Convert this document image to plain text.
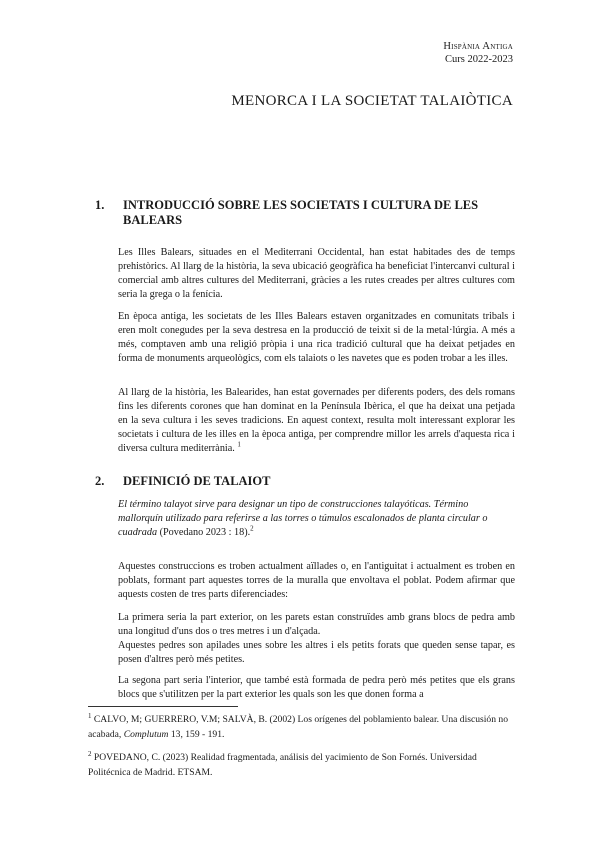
Hispània Antiga
Curs 2022-2023
MENORCA I LA SOCIETAT TALAIÒTICA
1.	INTRODUCCIÓ SOBRE LES SOCIETATS I CULTURA DE LES BALEARS

Les Illes Balears, situades en el Mediterrani Occidental, han estat habitades des de temps prehistòrics. Al llarg de la història, la seva ubicació geogràfica ha beneficiat l'intercanvi cultural i comercial amb altres cultures del Mediterrani, gràcies a les rutes creades per altres cultures com seria la grega o la fenícia.

En època antiga, les societats de les Illes Balears estaven organitzades en comunitats tribals i eren molt conegudes per la seva destresa en la producció de teixit si de la metal·lúrgia. A més a més, comptaven amb una religió pròpia i una rica tradició cultural que ha deixat petjades en forma de monuments arqueològics, com els talaiots o les navetes que es poden trobar a les illes.

Al llarg de la història, les Balearides, han estat governades per diferents poders, des dels romans fins les diferents corones que han dominat en la Península Ibèrica, el que ha deixat una petjada en la seva cultura i les seves tradicions. En aquest context, resulta molt interessant explorar les societats i cultura de les illes en la època antiga, per comprendre millor les arrels d'aquesta rica i diversa cultura mediterrània. $^1$

2.	DEFINICIÓ DE TALAIOT

El término talayot sirve para designar un tipo de construcciones talayóticas. Término mallorquín utilizado para referirse a las torres o túmulos escalonados de planta circular o cuadrada (Povedano 2023 : 18).$^2$

Aquestes construccions es troben actualment aïllades o, en l'antiguitat i actualment es troben en poblats, formant part aquestes torres de la muralla que envoltava el poblat. Podem afirmar que aquests costen de tres parts diferenciades:

La primera seria la part exterior, on les parets estan construïdes amb grans blocs de pedra amb una longitud d'uns dos o tres metres i un d'alçada.

Aquestes pedres son apilades unes sobre les altres i els petits forats que queden sense tapar, es posen d'altres però més petites.

La segona part seria l'interior, que també està formada de pedra però més petites que els grans blocs que s'utilitzen per la part exterior les quals son les que donen forma a

$^1$ CALVO, M; GUERRERO, V.M; SALVÀ, B. (2002) Los orígenes del poblamiento balear. Una discusión no acabada, Complutum 13, 159 - 191.

$^2$ POVEDANO, C. (2023) Realidad fragmentada, análisis del yacimiento de Son Fornés. Universidad Politécnica de Madrid. ETSAM.
